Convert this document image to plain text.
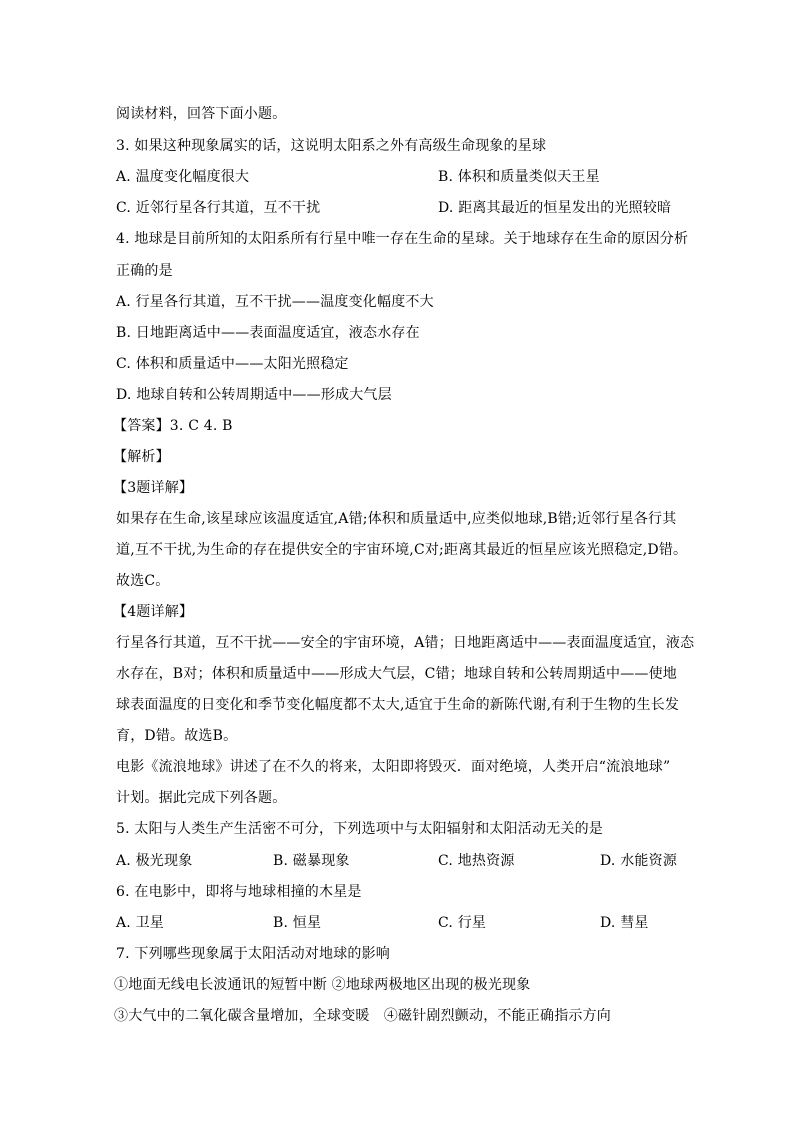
阅读材料，回答下面小题。
3. 如果这种现象属实的话，这说明太阳系之外有高级生命现象的星球
A. 温度变化幅度很大	B. 体积和质量类似天王星
C. 近邻行星各行其道，互不干扰	D. 距离其最近的恒星发出的光照较暗
4. 地球是目前所知的太阳系所有行星中唯一存在生命的星球。关于地球存在生命的原因分析
正确的是
A. 行星各行其道，互不干扰——温度变化幅度不大
B. 日地距离适中——表面温度适宜，液态水存在
C. 体积和质量适中——太阳光照稳定
D. 地球自转和公转周期适中——形成大气层
【答案】3. C 4. B
【解析】
【3题详解】
如果存在生命,该星球应该温度适宜,A错;体积和质量适中,应类似地球,B错;近邻行星各行其
道,互不干扰,为生命的存在提供安全的宇宙环境,C对;距离其最近的恒星应该光照稳定,D错。
故选C。
【4题详解】
行星各行其道，互不干扰——安全的宇宙环境，A错；日地距离适中——表面温度适宜，液态
水存在，B对；体积和质量适中——形成大气层，C错；地球自转和公转周期适中——使地
球表面温度的日变化和季节变化幅度都不太大,适宜于生命的新陈代谢,有利于生物的生长发
育，D错。故选B。
电影《流浪地球》讲述了在不久的将来，太阳即将毁灭．面对绝境，人类开启“流浪地球”
计划。据此完成下列各题。
5. 太阳与人类生产生活密不可分，下列选项中与太阳辐射和太阳活动无关的是
A. 极光现象	B. 磁暴现象	C. 地热资源	D. 水能资源
6. 在电影中，即将与地球相撞的木星是
A. 卫星	B. 恒星	C. 行星	D. 彗星
7. 下列哪些现象属于太阳活动对地球的影响
①地面无线电长波通讯的短暂中断 ②地球两极地区出现的极光现象
③大气中的二氧化碳含量增加，全球变暖　④磁针剧烈颤动，不能正确指示方向
